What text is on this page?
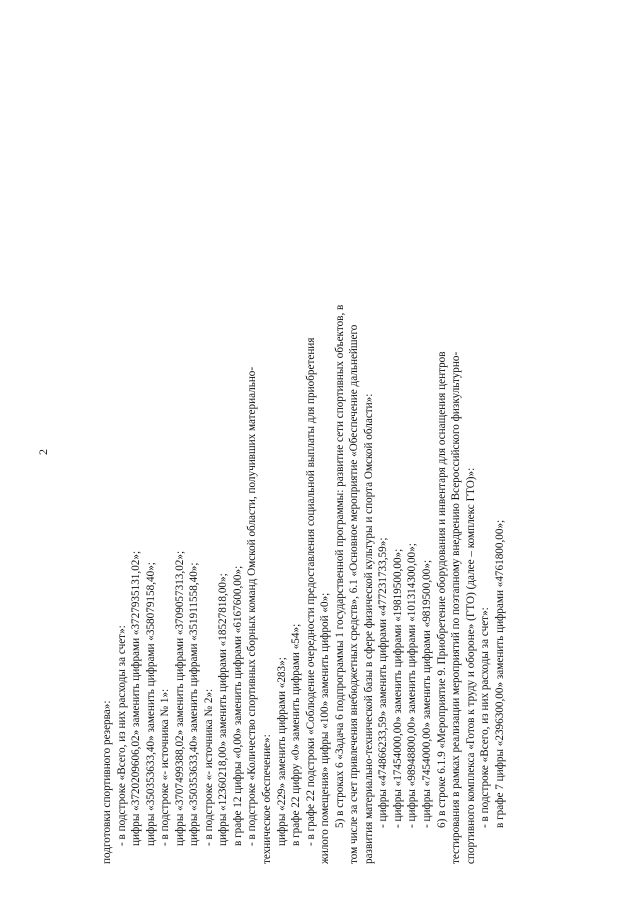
2

подготовки спортивного резерва»: - в подстроке «Всего, из них расходы за счет»: цифры «3720209606,02» заменить цифрами «3727935131,02»; цифры «350353633,40» заменить цифрами «358079158,40»; - в подстроке «- источника № 1»: цифры «3707499388,02» заменить цифрами «3709057313,02»; цифры «350353633,40» заменить цифрами «351911558,40»; - в подстроке «- источника № 2»: цифры «12360218,00» заменить цифрами «18527818,00»; в графе 12 цифры «0,00» заменить цифрами «6167600,00»; - в подстроке «Количество спортивных сборных команд Омской области, получивших материально- техническое обеспечение»: цифры «229» заменить цифрами «283»; в графе 22 цифру «0» заменить цифрами «54»; - в графе 22 подстроки «Соблюдение очередности предоставления социальной выплаты для приобретения жилого помещения» цифры «100» заменить цифрой «0»; 5) в строках 6 «Задача 6 подпрограммы 1 государственной программы: развитие сети спортивных объектов, в том числе за счет привлечения внебюджетных средств», 6.1 «Основное мероприятие «Обеспечение дальнейшего развития материально-технической базы в сфере физической культуры и спорта Омской области»: - цифры «474866233,59» заменить цифрами «477231733,59»; - цифры «17454000,00» заменить цифрами «19819500,00»; - цифры «98948800,00» заменить цифрами «101314300,00»; - цифры «7454000,00» заменить цифрами «9819500,00»; 6) в строке 6.1.9 «Мероприятие 9. Приобретение оборудования и инвентаря для оснащения центров тестирования в рамках реализации мероприятий по поэтапному внедрению Всероссийского физкультурно- спортивного комплекса «Готов к труду и обороне» (ГТО) (далее – комплекс ГТО)»: - в подстроке «Всего, из них расходы за счет»: в графе 7 цифры «2396300,00» заменить цифрами «4761800,00»;
